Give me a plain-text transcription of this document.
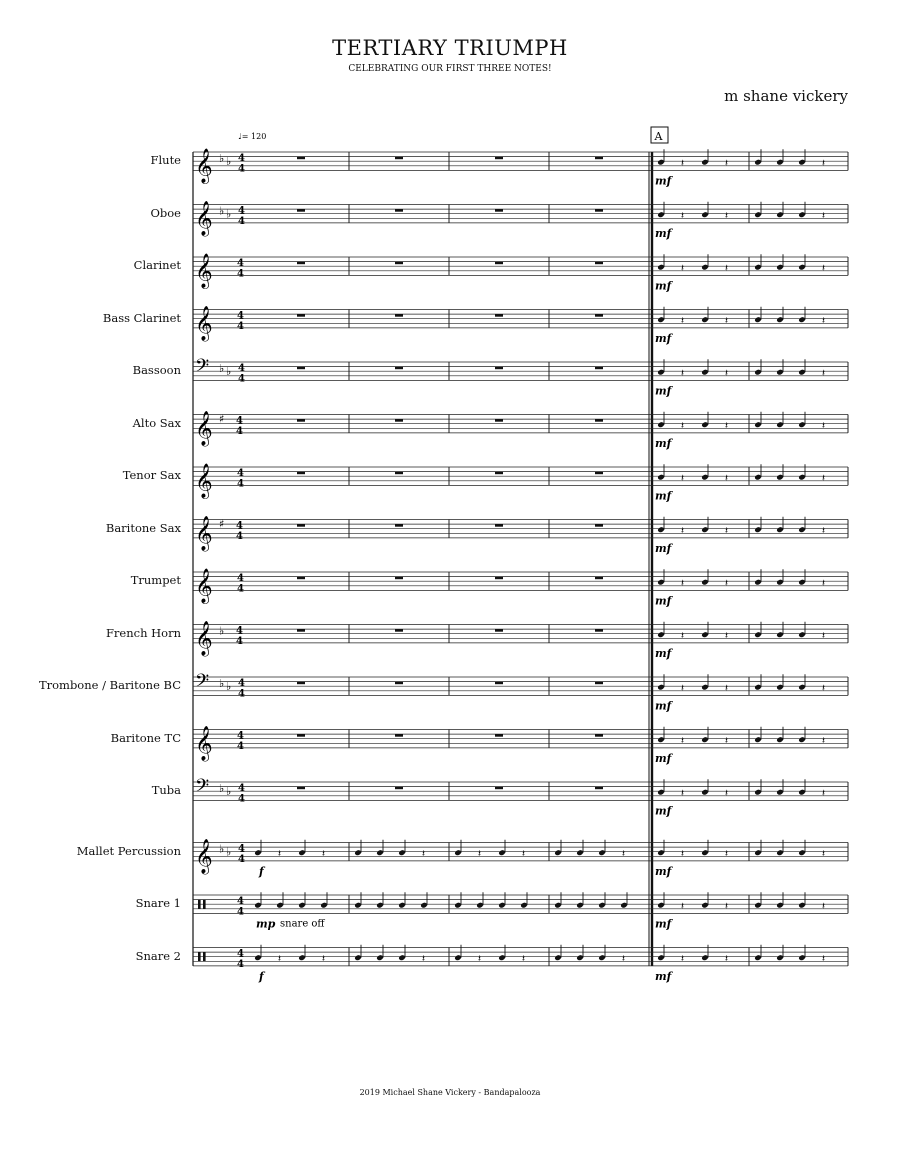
TERTIARY TRIUMPH
CELEBRATING OUR FIRST THREE NOTES!
m shane vickery
Flute
Oboe
Clarinet
Bass Clarinet
Bassoon
Alto Sax
Tenor Sax
Baritone Sax
Trumpet
French Horn
Trombone / Baritone BC
Baritone TC
Tuba
Mallet Percussion
Snare 1
Snare 2
♩= 120	A
𝄞 ♭ ♭ 4
4	𝄽	𝄽	𝄽
mf
𝄞 ♭ ♭ 4
4	𝄽	𝄽	𝄽
mf
𝄞 4
4	𝄽	𝄽	𝄽
mf
𝄞 4
4	𝄽	𝄽	𝄽
mf
𝄢 ♭ ♭ 4
4	𝄽	𝄽	𝄽
mf
𝄞 ♯ 4
4	𝄽	𝄽	𝄽
mf
𝄞 4
4	𝄽	𝄽	𝄽
mf
𝄞 ♯ 4
4	𝄽	𝄽	𝄽
mf
𝄞 4
4	𝄽	𝄽	𝄽
mf
𝄞 ♭ 4
4	𝄽	𝄽	𝄽
mf
𝄢 ♭ ♭ 4
4	𝄽	𝄽	𝄽
mf
𝄞 4
4	𝄽	𝄽	𝄽
mf
𝄢 ♭ ♭ 4
4	𝄽	𝄽	𝄽
mf
𝄞 ♭ ♭ 4
4	𝄽	𝄽	𝄽	𝄽	𝄽	𝄽	𝄽	𝄽	𝄽
mf
f
4
4	𝄽	𝄽	𝄽
mf
mp snare off
4
4	𝄽	𝄽	𝄽	𝄽	𝄽	𝄽	𝄽	𝄽	𝄽
mf
f
2019 Michael Shane Vickery - Bandapalooza
